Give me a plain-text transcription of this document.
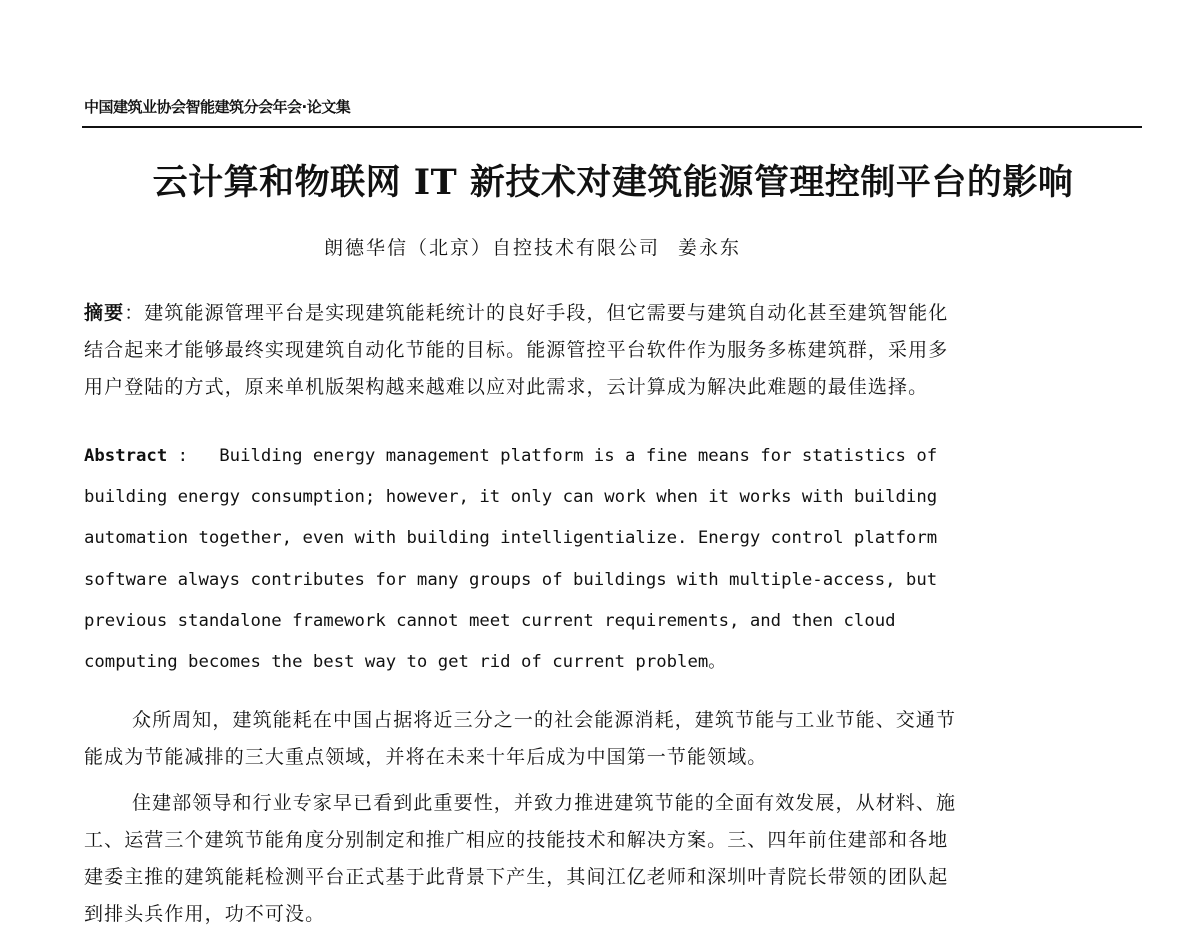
中国建筑业协会智能建筑分会年会·论文集
云计算和物联网 IT 新技术对建筑能源管理控制平台的影响
朗德华信（北京）自控技术有限公司 姜永东
摘要：建筑能源管理平台是实现建筑能耗统计的良好手段，但它需要与建筑自动化甚至建筑智能化
结合起来才能够最终实现建筑自动化节能的目标。能源管控平台软件作为服务多栋建筑群，采用多
用户登陆的方式，原来单机版架构越来越难以应对此需求，云计算成为解决此难题的最佳选择。
Abstract :   Building energy management platform is a fine means for statistics of
building energy consumption; however, it only can work when it works with building
automation together, even with building intelligentialize. Energy control platform
software always contributes for many groups of buildings with multiple-access, but
previous standalone framework cannot meet current requirements, and then cloud
computing becomes the best way to get rid of current problem。
众所周知，建筑能耗在中国占据将近三分之一的社会能源消耗，建筑节能与工业节能、交通节
能成为节能减排的三大重点领域，并将在未来十年后成为中国第一节能领域。
住建部领导和行业专家早已看到此重要性，并致力推进建筑节能的全面有效发展，从材料、施
工、运营三个建筑节能角度分别制定和推广相应的技能技术和解决方案。三、四年前住建部和各地
建委主推的建筑能耗检测平台正式基于此背景下产生，其间江亿老师和深圳叶青院长带领的团队起
到排头兵作用，功不可没。
